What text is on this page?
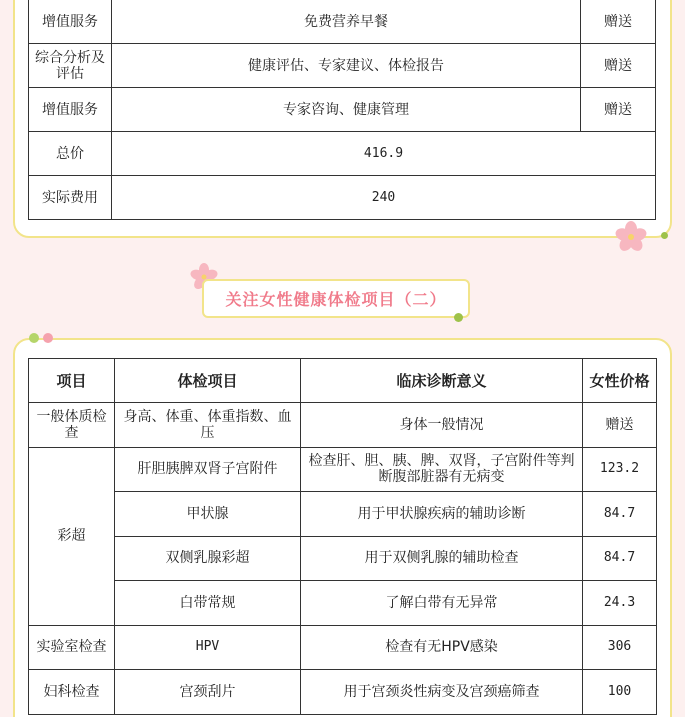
增值服务	免费营养早餐	赠送
综合分析及评估	健康评估、专家建议、体检报告	赠送
增值服务	专家咨询、健康管理	赠送
总价	416.9	
实际费用	240	
关注女性健康体检项目（二）
项目	体检项目	临床诊断意义	女性价格
一般体质检查	身高、体重、体重指数、血压	身体一般情况	赠送
彩超	肝胆胰脾双肾子宫附件	检查肝、胆、胰、脾、双肾，子宫附件等判断腹部脏器有无病变	123.2
	甲状腺	用于甲状腺疾病的辅助诊断	84.7
	双侧乳腺彩超	用于双侧乳腺的辅助检查	84.7
	白带常规	了解白带有无异常	24.3
实验室检查	HPV	检查有无HPV感染	306
妇科检查	宫颈刮片	用于宫颈炎性病变及宫颈癌筛查	100
